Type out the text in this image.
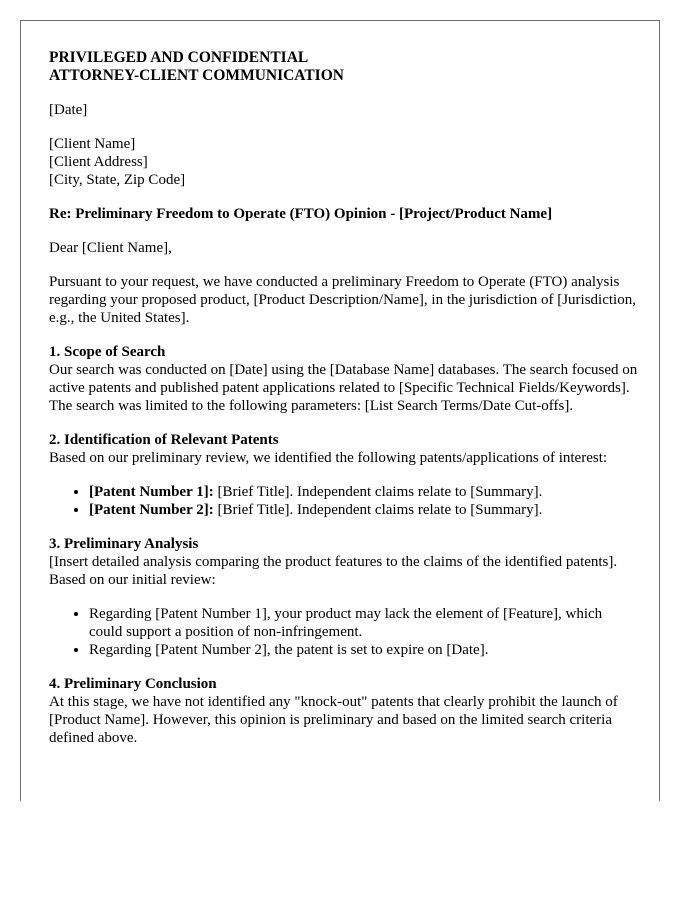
PRIVILEGED AND CONFIDENTIAL
ATTORNEY-CLIENT COMMUNICATION

[Date]

[Client Name]

[Client Address]

[City, State, Zip Code]

Re: Preliminary Freedom to Operate (FTO) Opinion - [Project/Product Name]

Dear [Client Name],

Pursuant to your request, we have conducted a preliminary Freedom to Operate (FTO) analysis regarding your proposed product, [Product Description/Name], in the jurisdiction of [Jurisdiction, e.g., the United States].

1. Scope of Search

Our search was conducted on [Date] using the [Database Name] databases. The search focused on active patents and published patent applications related to [Specific Technical Fields/Keywords]. The search was limited to the following parameters: [List Search Terms/Date Cut-offs].

2. Identification of Relevant Patents

Based on our preliminary review, we identified the following patents/applications of interest:

• [Patent Number 1]: [Brief Title]. Independent claims relate to [Summary].
• [Patent Number 2]: [Brief Title]. Independent claims relate to [Summary].
3. Preliminary Analysis

[Insert detailed analysis comparing the product features to the claims of the identified patents]. Based on our initial review:

• Regarding [Patent Number 1], your product may lack the element of [Feature], which could support a position of non-infringement.
• Regarding [Patent Number 2], the patent is set to expire on [Date].
4. Preliminary Conclusion

At this stage, we have not identified any "knock-out" patents that clearly prohibit the launch of [Product Name]. However, this opinion is preliminary and based on the limited search criteria defined above.
